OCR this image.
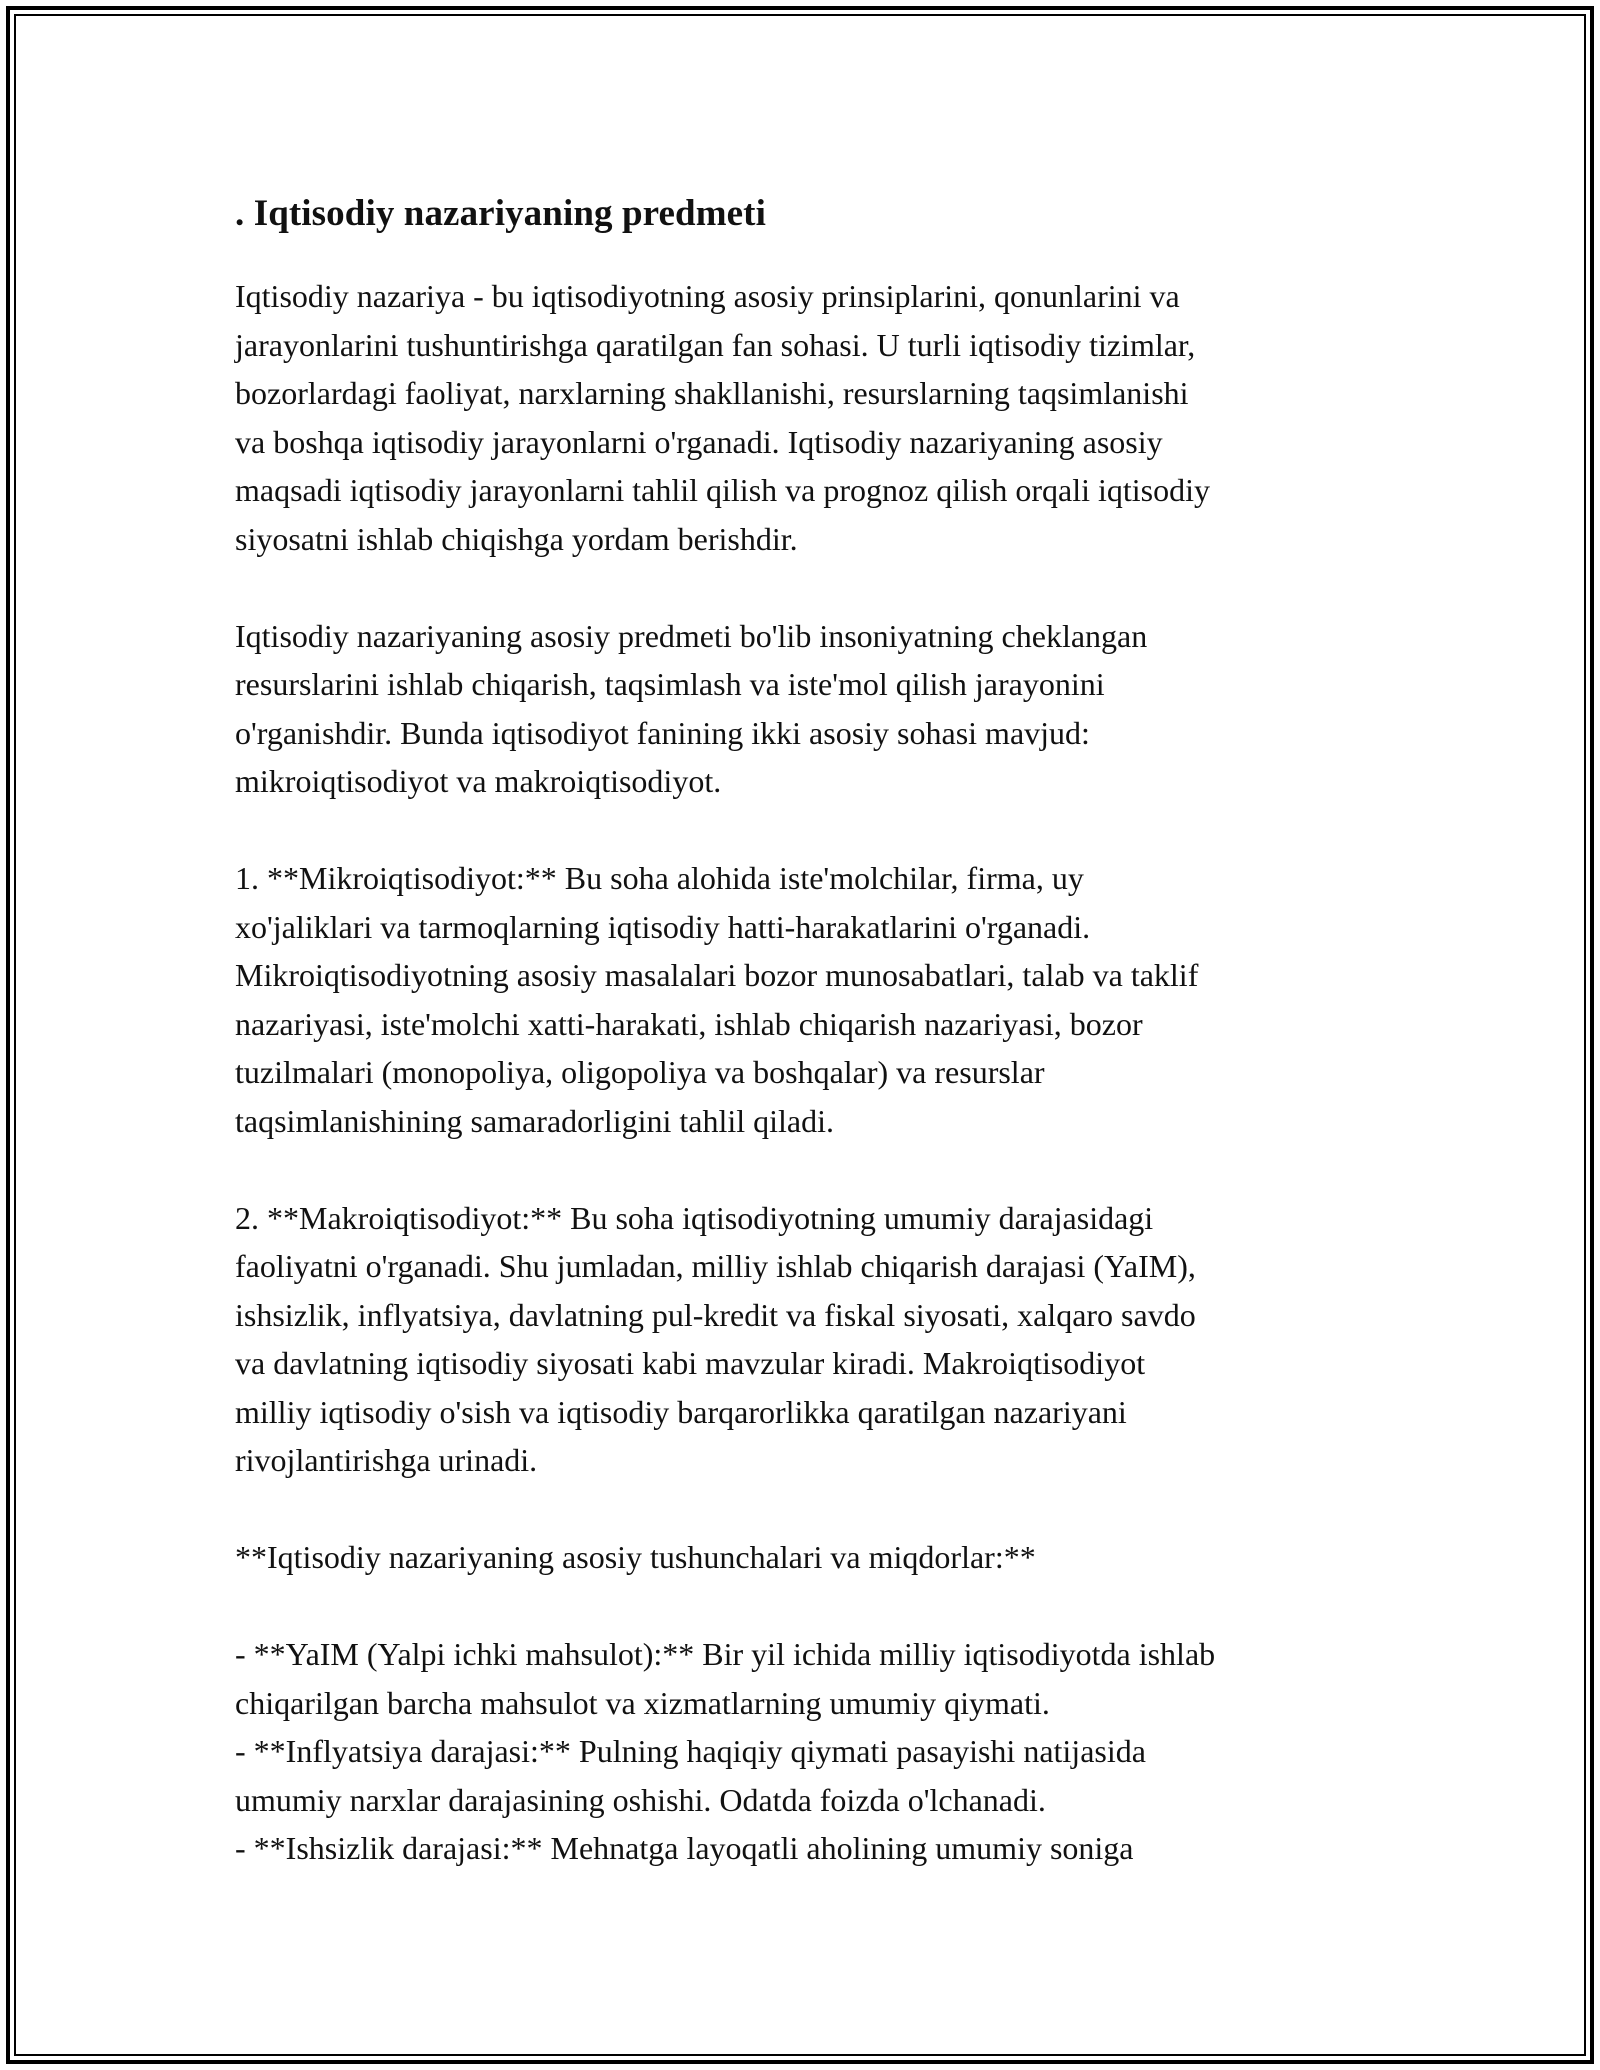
. Iqtisodiy nazariyaning predmeti
Iqtisodiy nazariya - bu iqtisodiyotning asosiy prinsiplarini, qonunlarini va
jarayonlarini tushuntirishga qaratilgan fan sohasi. U turli iqtisodiy tizimlar,
bozorlardagi faoliyat, narxlarning shakllanishi, resurslarning taqsimlanishi
va boshqa iqtisodiy jarayonlarni o'rganadi. Iqtisodiy nazariyaning asosiy
maqsadi iqtisodiy jarayonlarni tahlil qilish va prognoz qilish orqali iqtisodiy
siyosatni ishlab chiqishga yordam berishdir.
Iqtisodiy nazariyaning asosiy predmeti bo'lib insoniyatning cheklangan
resurslarini ishlab chiqarish, taqsimlash va iste'mol qilish jarayonini
o'rganishdir. Bunda iqtisodiyot fanining ikki asosiy sohasi mavjud:
mikroiqtisodiyot va makroiqtisodiyot.
1. **Mikroiqtisodiyot:** Bu soha alohida iste'molchilar, firma, uy
xo'jaliklari va tarmoqlarning iqtisodiy hatti-harakatlarini o'rganadi.
Mikroiqtisodiyotning asosiy masalalari bozor munosabatlari, talab va taklif
nazariyasi, iste'molchi xatti-harakati, ishlab chiqarish nazariyasi, bozor
tuzilmalari (monopoliya, oligopoliya va boshqalar) va resurslar
taqsimlanishining samaradorligini tahlil qiladi.
2. **Makroiqtisodiyot:** Bu soha iqtisodiyotning umumiy darajasidagi
faoliyatni o'rganadi. Shu jumladan, milliy ishlab chiqarish darajasi (YaIM),
ishsizlik, inflyatsiya, davlatning pul-kredit va fiskal siyosati, xalqaro savdo
va davlatning iqtisodiy siyosati kabi mavzular kiradi. Makroiqtisodiyot
milliy iqtisodiy o'sish va iqtisodiy barqarorlikka qaratilgan nazariyani
rivojlantirishga urinadi.
**Iqtisodiy nazariyaning asosiy tushunchalari va miqdorlar:**
- **YaIM (Yalpi ichki mahsulot):** Bir yil ichida milliy iqtisodiyotda ishlab
chiqarilgan barcha mahsulot va xizmatlarning umumiy qiymati.
- **Inflyatsiya darajasi:** Pulning haqiqiy qiymati pasayishi natijasida
umumiy narxlar darajasining oshishi. Odatda foizda o'lchanadi.
- **Ishsizlik darajasi:** Mehnatga layoqatli aholining umumiy soniga
